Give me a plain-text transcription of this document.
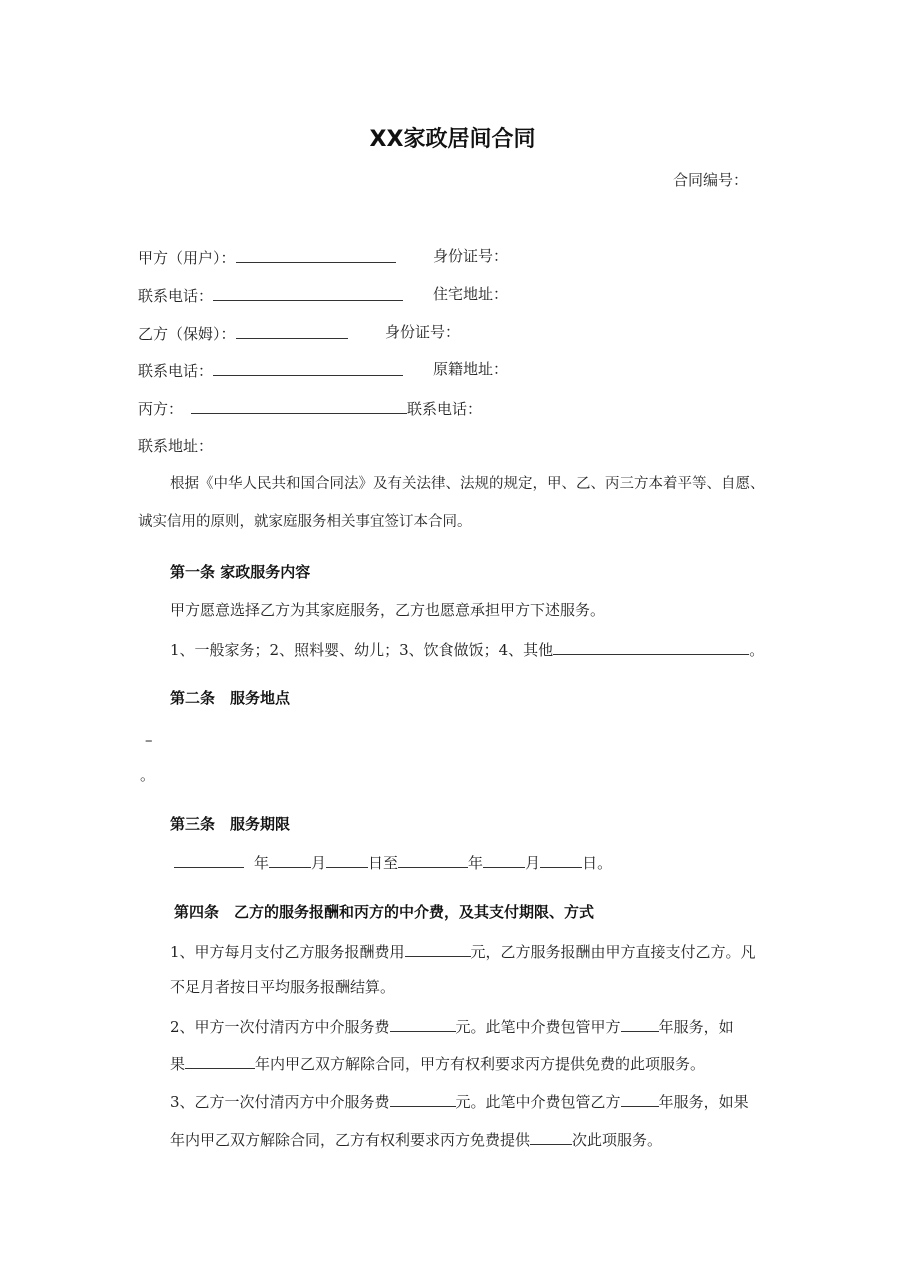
XX家政居间合同
合同编号：
甲方（用户）：	身份证号：
联系电话：	住宅地址：
乙方（保姆）：	身份证号：
联系电话：	原籍地址：
丙方：	联系电话：
联系地址：
根据《中华人民共和国合同法》及有关法律、法规的规定，甲、乙、丙三方本着平等、自愿、
诚实信用的原则，就家庭服务相关事宜签订本合同。
第一条 家政服务内容
甲方愿意选择乙方为其家庭服务，乙方也愿意承担甲方下述服务。
1、一般家务；2、照料婴、幼儿；3、饮食做饭；4、其他	。
第二条　服务地点
–
。
第三条　服务期限
年	月	日至	年	月	日。
第四条　乙方的服务报酬和丙方的中介费，及其支付期限、方式
1、甲方每月支付乙方服务报酬费用	元，乙方服务报酬由甲方直接支付乙方。凡
不足月者按日平均服务报酬结算。
2、甲方一次付清丙方中介服务费	元。此笔中介费包管甲方	年服务，如
果	年内甲乙双方解除合同，甲方有权利要求丙方提供免费的此项服务。
3、乙方一次付清丙方中介服务费	元。此笔中介费包管乙方	年服务，如果
年内甲乙双方解除合同，乙方有权利要求丙方免费提供	次此项服务。
